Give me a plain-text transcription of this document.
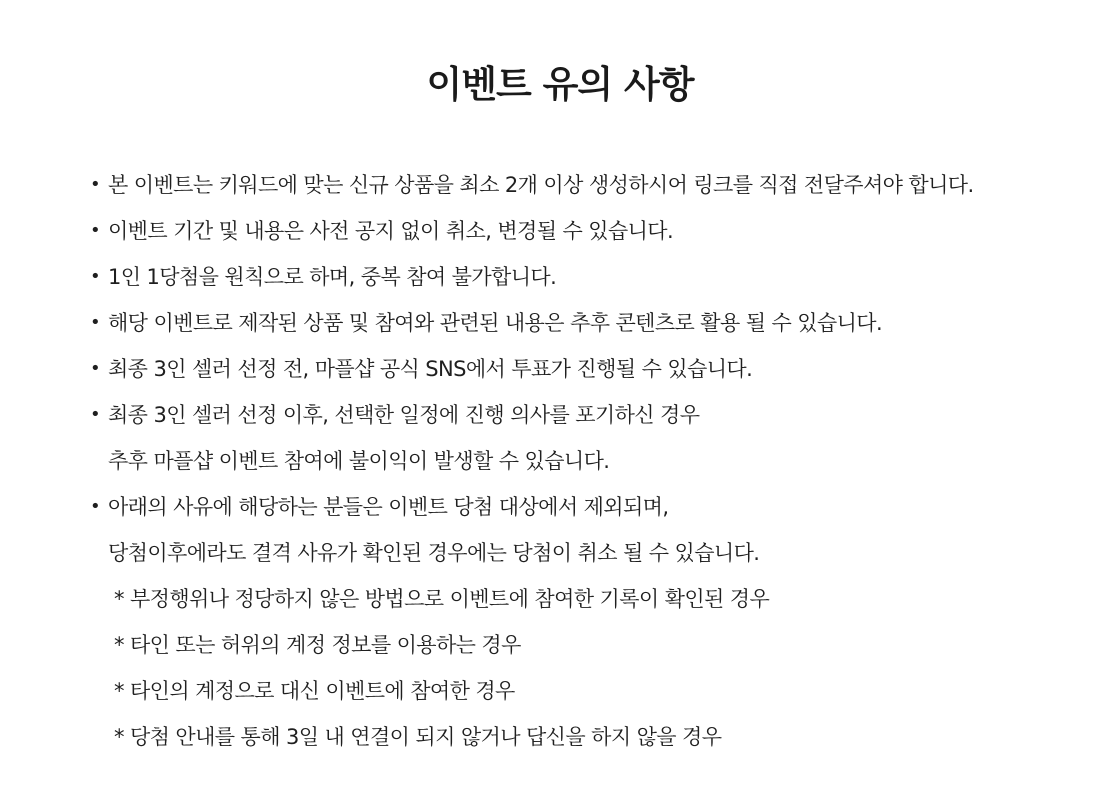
이벤트 유의 사항
• 본 이벤트는 키워드에 맞는 신규 상품을 최소 2개 이상 생성하시어 링크를 직접 전달주셔야 합니다.
• 이벤트 기간 및 내용은 사전 공지 없이 취소, 변경될 수 있습니다.
• 1인 1당첨을 원칙으로 하며, 중복 참여 불가합니다.
• 해당 이벤트로 제작된 상품 및 참여와 관련된 내용은 추후 콘텐츠로 활용 될 수 있습니다.
• 최종 3인 셀러 선정 전, 마플샵 공식 SNS에서 투표가 진행될 수 있습니다.
• 최종 3인 셀러 선정 이후, 선택한 일정에 진행 의사를 포기하신 경우
추후 마플샵 이벤트 참여에 불이익이 발생할 수 있습니다.
• 아래의 사유에 해당하는 분들은 이벤트 당첨 대상에서 제외되며,
당첨이후에라도 결격 사유가 확인된 경우에는 당첨이 취소 될 수 있습니다.
* 부정행위나 정당하지 않은 방법으로 이벤트에 참여한 기록이 확인된 경우
* 타인 또는 허위의 계정 정보를 이용하는 경우
* 타인의 계정으로 대신 이벤트에 참여한 경우
* 당첨 안내를 통해 3일 내 연결이 되지 않거나 답신을 하지 않을 경우
